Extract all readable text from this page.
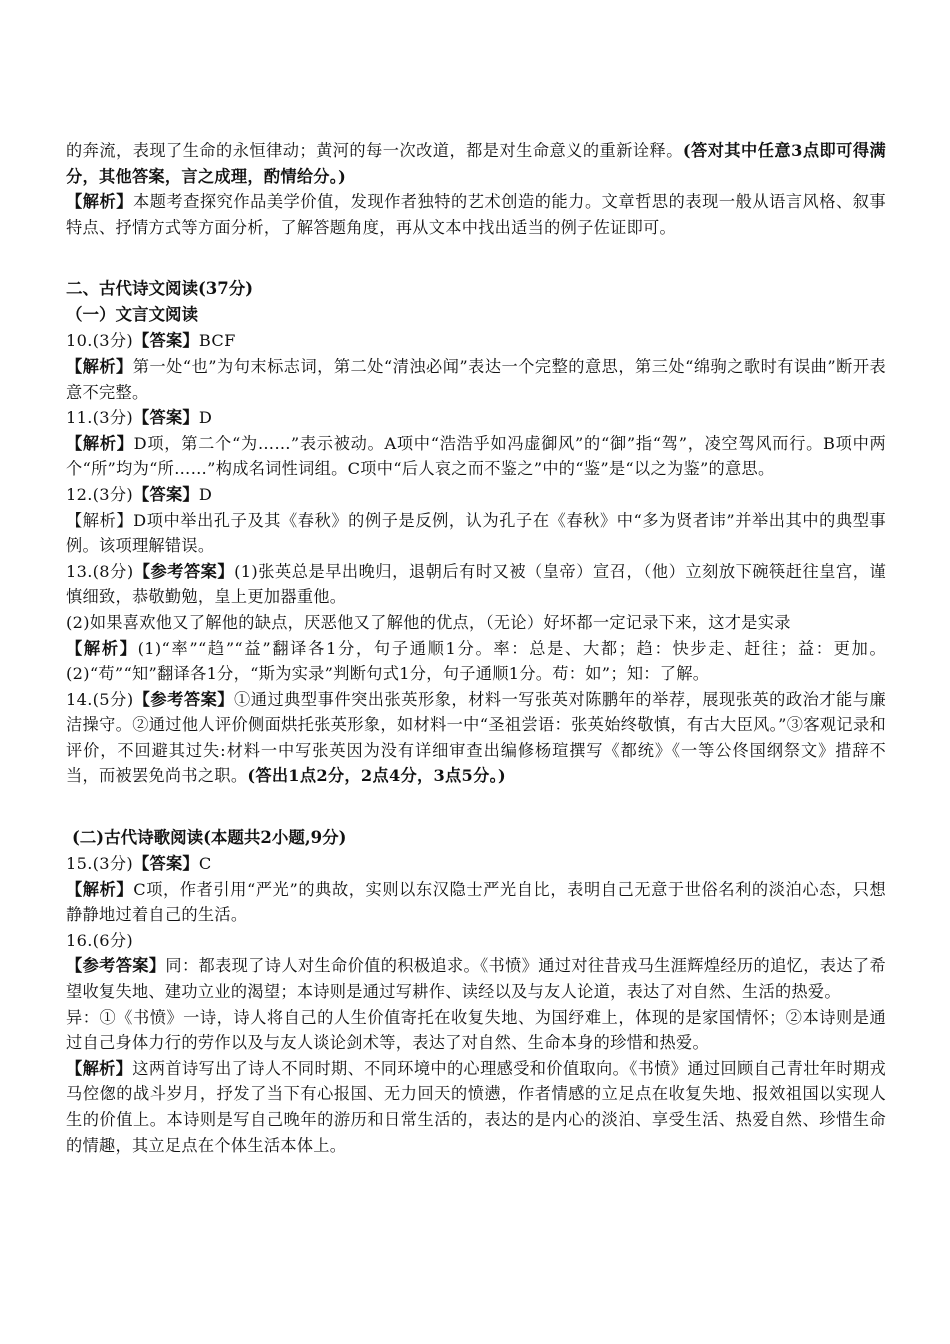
的奔流，表现了生命的永恒律动；黄河的每一次改道，都是对生命意义的重新诠释。(答对其中任意3点即可得满分，其他答案，言之成理，酌情给分。)

【解析】本题考查探究作品美学价值，发现作者独特的艺术创造的能力。文章哲思的表现一般从语言风格、叙事特点、抒情方式等方面分析，了解答题角度，再从文本中找出适当的例子佐证即可。

二、古代诗文阅读(37分)

（一）文言文阅读

10.(3分)【答案】BCF

【解析】第一处“也”为句末标志词，第二处“清浊必闻”表达一个完整的意思，第三处“绵驹之歌时有误曲”断开表意不完整。

11.(3分)【答案】D

【解析】D项，第二个“为……”表示被动。A项中“浩浩乎如冯虚御风”的“御”指“驾”，凌空驾风而行。B项中两个“所”均为“所……”构成名词性词组。C项中“后人哀之而不鉴之”中的“鉴”是“以之为鉴”的意思。

12.(3分)【答案】D

【解析】D项中举出孔子及其《春秋》的例子是反例，认为孔子在《春秋》中“多为贤者讳”并举出其中的典型事例。该项理解错误。

13.(8分)【参考答案】(1)张英总是早出晚归，退朝后有时又被（皇帝）宣召，（他）立刻放下碗筷赶往皇宫，谨慎细致，恭敬勤勉，皇上更加器重他。

(2)如果喜欢他又了解他的缺点，厌恶他又了解他的优点，（无论）好坏都一定记录下来，这才是实录

【解析】(1)“率”“趋”“益”翻译各1分，句子通顺1分。率：总是、大都；趋：快步走、赶往；益：更加。(2)“苟”“知”翻译各1分，“斯为实录”判断句式1分，句子通顺1分。苟：如”；知：了解。

14.(5分)【参考答案】①通过典型事件突出张英形象，材料一写张英对陈鹏年的举荐，展现张英的政治才能与廉洁操守。②通过他人评价侧面烘托张英形象，如材料一中“圣祖尝语：张英始终敬慎，有古大臣风。”③客观记录和评价，不回避其过失:材料一中写张英因为没有详细审查出编修杨瑄撰写《都统》《一等公佟国纲祭文》措辞不当，而被罢免尚书之职。(答出1点2分，2点4分，3点5分。)

(二)古代诗歌阅读(本题共2小题,9分)

15.(3分)【答案】C

【解析】C项，作者引用“严光”的典故，实则以东汉隐士严光自比，表明自己无意于世俗名利的淡泊心态，只想静静地过着自己的生活。

16.(6分)

【参考答案】同：都表现了诗人对生命价值的积极追求。《书愤》通过对往昔戎马生涯辉煌经历的追忆，表达了希望收复失地、建功立业的渴望；本诗则是通过写耕作、读经以及与友人论道，表达了对自然、生活的热爱。

异：①《书愤》一诗，诗人将自己的人生价值寄托在收复失地、为国纾难上，体现的是家国情怀；②本诗则是通过自己身体力行的劳作以及与友人谈论剑术等，表达了对自然、生命本身的珍惜和热爱。

【解析】这两首诗写出了诗人不同时期、不同环境中的心理感受和价值取向。《书愤》通过回顾自己青壮年时期戎马倥偬的战斗岁月，抒发了当下有心报国、无力回天的愤懑，作者情感的立足点在收复失地、报效祖国以实现人生的价值上。本诗则是写自己晚年的游历和日常生活的，表达的是内心的淡泊、享受生活、热爱自然、珍惜生命的情趣，其立足点在个体生活本体上。
